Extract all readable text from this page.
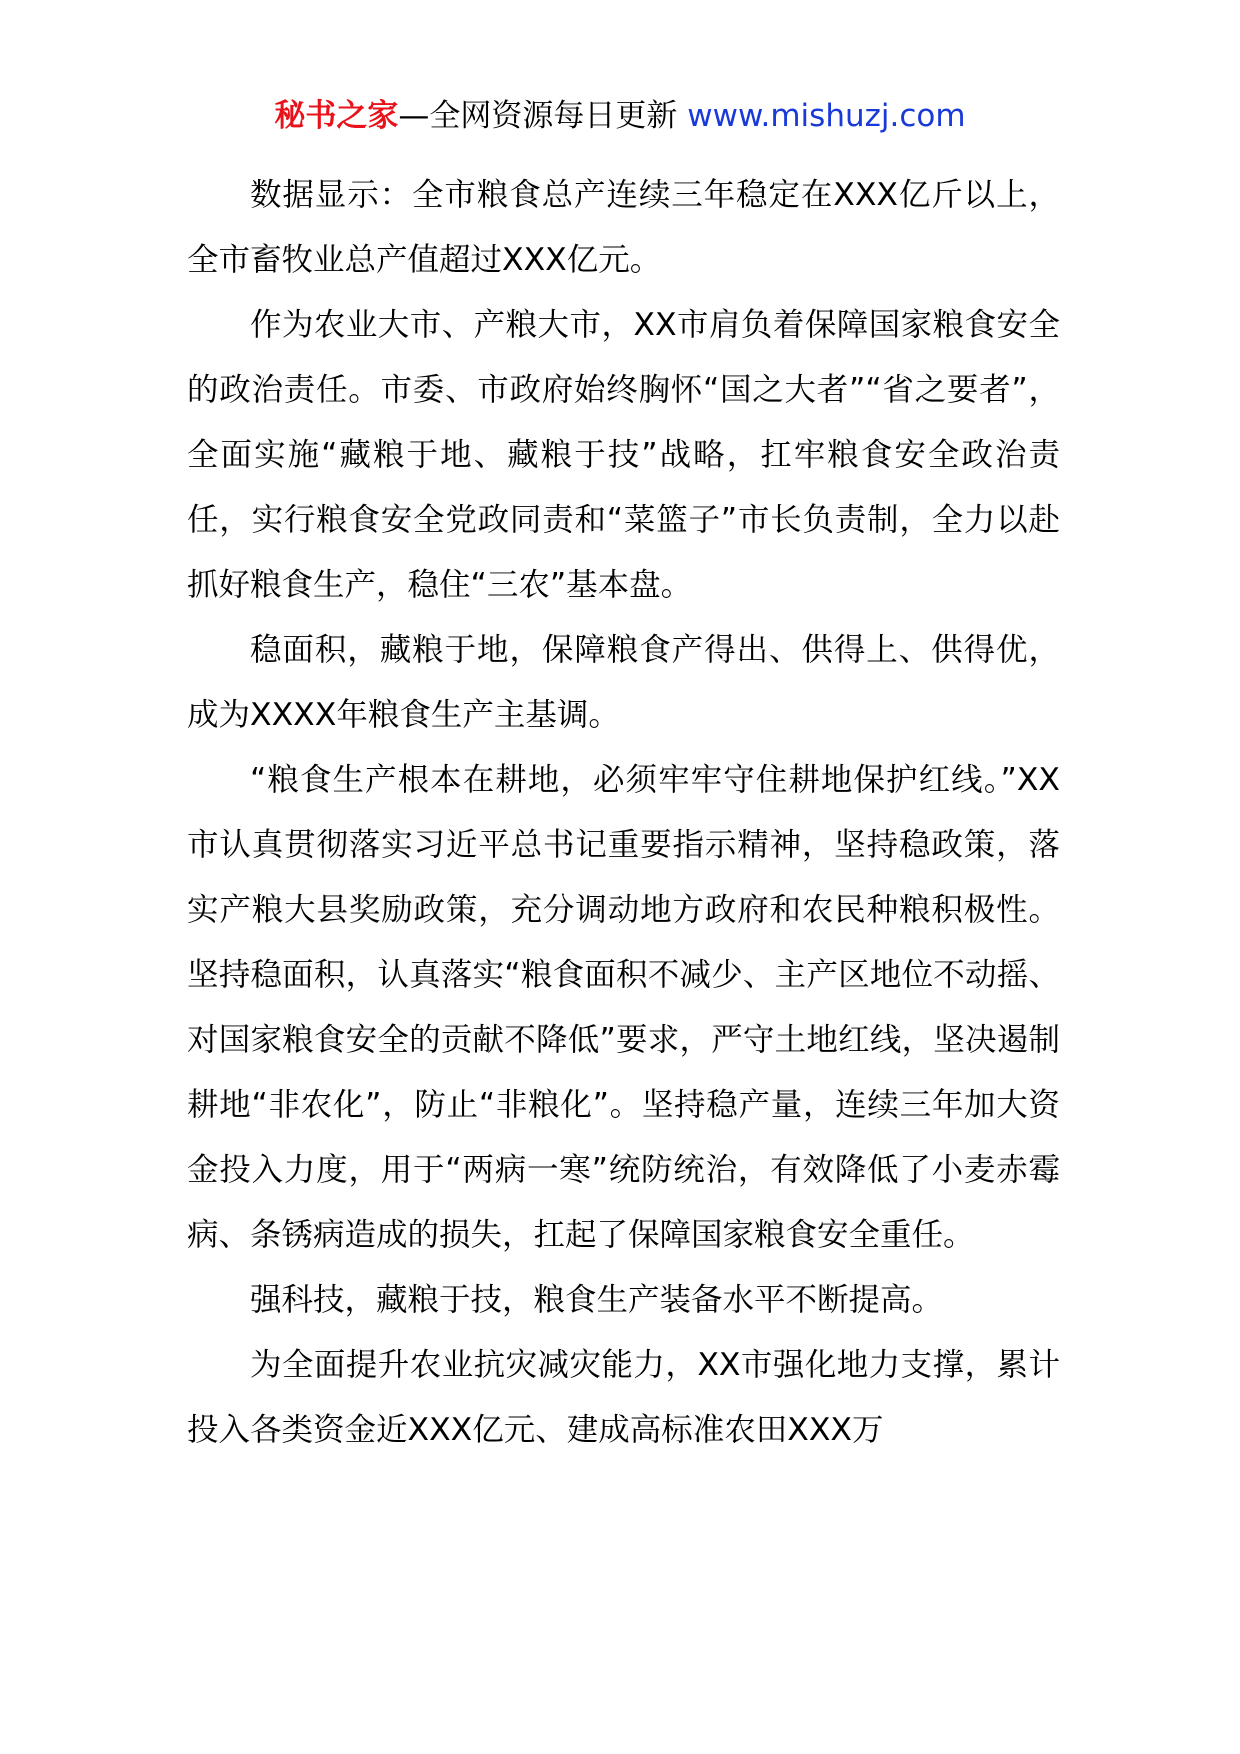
秘书之家—全网资源每日更新 www.mishuzj.com

数据显示：全市粮食总产连续三年稳定在XXX亿斤以上，全市畜牧业总产值超过XXX亿元。

作为农业大市、产粮大市，XX市肩负着保障国家粮食安全的政治责任。市委、市政府始终胸怀“国之大者”“省之要者”，全面实施“藏粮于地、藏粮于技”战略，扛牢粮食安全政治责任，实行粮食安全党政同责和“菜篮子”市长负责制，全力以赴抓好粮食生产，稳住“三农”基本盘。

稳面积，藏粮于地，保障粮食产得出、供得上、供得优，成为XXXX年粮食生产主基调。

“粮食生产根本在耕地，必须牢牢守住耕地保护红线。”XX市认真贯彻落实习近平总书记重要指示精神，坚持稳政策，落实产粮大县奖励政策，充分调动地方政府和农民种粮积极性。坚持稳面积，认真落实“粮食面积不减少、主产区地位不动摇、对国家粮食安全的贡献不降低”要求，严守土地红线，坚决遏制耕地“非农化”，防止“非粮化”。坚持稳产量，连续三年加大资金投入力度，用于“两病一寒”统防统治，有效降低了小麦赤霉病、条锈病造成的损失，扛起了保障国家粮食安全重任。

强科技，藏粮于技，粮食生产装备水平不断提高。

为全面提升农业抗灾减灾能力，XX市强化地力支撑，累计投入各类资金近XXX亿元、建成高标准农田XXX万
